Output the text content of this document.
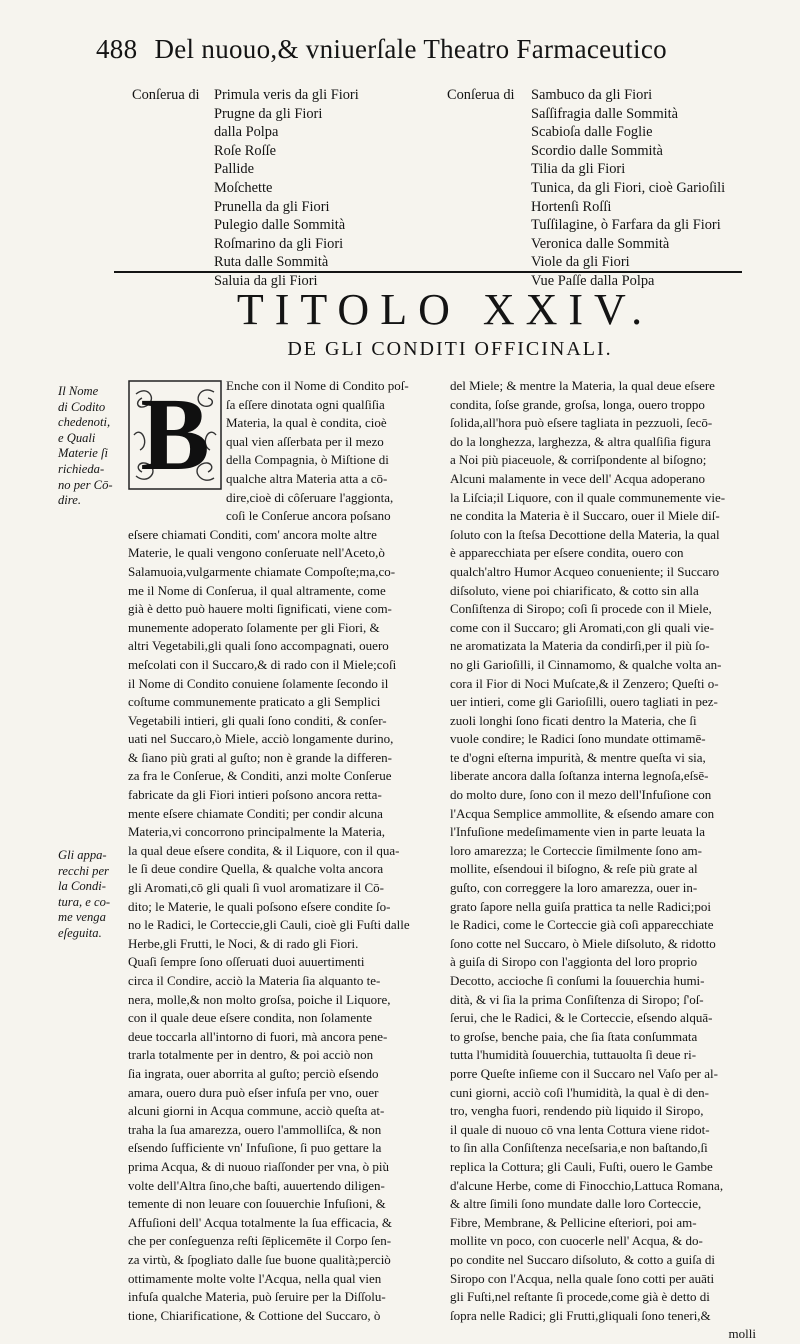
488 Del nuouo,& vniuerſale Theatro Farmaceutico
Conſerua di Primula veris da gli Fiori
Prugne da gli Fiori
dalla Polpa
Roſe Roſſe
Pallide
Moſchette
Prunella da gli Fiori
Pulegio dalle Sommità
Roſmarino da gli Fiori
Ruta dalle Sommità
Saluia da gli Fiori
Conſerua di Sambuco da gli Fiori
Saſſifragia dalle Sommità
Scabioſa dalle Foglie
Scordio dalle Sommità
Tilia da gli Fiori
Tunica, da gli Fiori, cioè Garioſili
Hortenſi Roſſi
Tuſſilagine, ò Farfara da gli Fiori
Veronica dalle Sommità
Viole da gli Fiori
Vue Paſſe dalla Polpa
TITOLO XXIV.
DE GLI CONDITI OFFICINALI.
Il Nome
di Codito
chedenoti,
e Quali
Materie ſi
richieda-
no per Cō-
dire.
Gli appa-
recchi per
la Condi-
tura, e co-
me venga
eſeguita.
B	Enche con il Nome di Condito poſ-
ſa eſſere dinotata ogni qualſiſia
Materia, la qual è condita, cioè
qual vien aſſerbata per il mezo
della Compagnia, ò Miſtione di
qualche altra Materia atta a cō-
dire,cioè di côſeruare l'aggionta,
coſi le Conſerue ancora poſsano
eſsere chiamati Conditi, com' ancora molte altre
Materie, le quali vengono conſeruate nell'Aceto,ò
Salamuoia,vulgarmente chiamate Compoſte;ma,co-
me il Nome di Conſerua, il qual altramente, come
già è detto può hauere molti ſignificati, viene com-
munemente adoperato ſolamente per gli Fiori, &
altri Vegetabili,gli quali ſono accompagnati, ouero
meſcolati con il Succaro,& di rado con il Miele;coſi
il Nome di Condito conuiene ſolamente ſecondo il
coſtume communemente praticato a gli Semplici
Vegetabili intieri, gli quali ſono conditi, & conſer-
uati nel Succaro,ò Miele, acciò longamente durino,
& ſiano più grati al guſto; non è grande la differen-
za fra le Conſerue, & Conditi, anzi molte Conſerue
fabricate da gli Fiori intieri poſsono ancora retta-
mente eſsere chiamate Conditi; per condir alcuna
Materia,vi concorrono principalmente la Materia,
la qual deue eſsere condita, & il Liquore, con il qua-
le ſi deue condire Quella, & qualche volta ancora
gli Aromati,cō gli quali ſi vuol aromatizare il Cō-
dito; le Materie, le quali poſsono eſsere condite ſo-
no le Radici, le Corteccie,gli Cauli, cioè gli Fuſti dalle
Herbe,gli Frutti, le Noci, & di rado gli Fiori.
Quaſi ſempre ſono oſſeruati duoi auuertimenti
circa il Condire, acciò la Materia ſia alquanto te-
nera, molle,& non molto groſsa, poiche il Liquore,
con il quale deue eſsere condita, non ſolamente
deue toccarla all'intorno di fuori, mà ancora pene-
trarla totalmente per in dentro, & poi acciò non
ſia ingrata, ouer aborrita al guſto; perciò eſsendo
amara, ouero dura può eſser infuſa per vno, ouer
alcuni giorni in Acqua commune, acciò queſta at-
traha la ſua amarezza, ouero l'ammolliſca, & non
eſsendo ſufficiente vn' Infuſione, ſi puo gettare la
prima Acqua, & di nuouo riaſſonder per vna, ò più
volte dell'Altra ſino,che baſti, auuertendo diligen-
temente di non leuare con ſouuerchie Infuſioni, &
Affuſioni dell' Acqua totalmente la ſua efficacia, &
che per conſeguenza reſti ſēplicemēte il Corpo ſen-
za virtù, & ſpogliato dalle ſue buone qualità;perciò
ottimamente molte volte l'Acqua, nella qual vien
infuſa qualche Materia, può ſeruire per la Diſſolu-
tione, Chiarificatione, & Cottione del Succaro, ò
del Miele; & mentre la Materia, la qual deue eſsere
condita, ſoſse grande, groſsa, longa, ouero troppo
ſolida,all'hora può eſsere tagliata in pezzuoli, ſecō-
do la longhezza, larghezza, & altra qualſiſia figura
a Noi più piaceuole, & corriſpondente al biſogno;
Alcuni malamente in vece dell' Acqua adoperano
la Liſcia;il Liquore, con il quale communemente vie-
ne condita la Materia è il Succaro, ouer il Miele diſ-
ſoluto con la ſteſsa Decottione della Materia, la qual
è apparecchiata per eſsere condita, ouero con
qualch'altro Humor Acqueo conueniente; il Succaro
diſsoluto, viene poi chiarificato, & cotto sin alla
Conſiſtenza di Siropo; coſi ſi procede con il Miele,
come con il Succaro; gli Aromati,con gli quali vie-
ne aromatizata la Materia da condirſi,per il più ſo-
no gli Garioſilli, il Cinnamomo, & qualche volta an-
cora il Fior di Noci Muſcate,& il Zenzero; Queſti o-
uer intieri, come gli Garioſilli, ouero tagliati in pez-
zuoli longhi ſono ficati dentro la Materia, che ſi
vuole condire; le Radici ſono mundate ottimamē-
te d'ogni eſterna impurità, & mentre queſta vi sia,
liberate ancora dalla ſoſtanza interna legnoſa,eſsē-
do molto dure, ſono con il mezo dell'Infuſione con
l'Acqua Semplice ammollite, & eſsendo amare con
l'Infuſione medeſimamente vien in parte leuata la
loro amarezza; le Corteccie ſimilmente ſono am-
mollite, eſsendoui il biſogno, & reſe più grate al
guſto, con correggere la loro amarezza, ouer in-
grato ſapore nella guiſa prattica ta nelle Radici;poi
le Radici, come le Corteccie già coſi apparecchiate
ſono cotte nel Succaro, ò Miele diſsoluto, & ridotto
à guiſa di Siropo con l'aggionta del loro proprio
Decotto, accioche ſi conſumi la ſouuerchia humi-
dità, & vi ſia la prima Conſiſtenza di Siropo; ſ'oſ-
ſerui, che le Radici, & le Corteccie, eſsendo alquā-
to groſse, benche paia, che ſia ſtata conſummata
tutta l'humidità ſouuerchia, tuttauolta ſi deue ri-
porre Queſte inſieme con il Succaro nel Vaſo per al-
cuni giorni, acciò coſi l'humidità, la qual è di den-
tro, vengha fuori, rendendo più liquido il Siropo,
il quale di nuouo cō vna lenta Cottura viene ridot-
to ſin alla Conſiſtenza neceſsaria,e non baſtando,ſi
replica la Cottura; gli Cauli, Fuſti, ouero le Gambe
d'alcune Herbe, come di Finocchio,Lattuca Romana,
& altre ſimili ſono mundate dalle loro Corteccie,
Fibre, Membrane, & Pellicine eſteriori, poi am-
mollite vn poco, con cuocerle nell' Acqua, & do-
po condite nel Succaro diſsoluto, & cotto a guiſa di
Siropo con l'Acqua, nella quale ſono cotti per auāti
gli Fuſti,nel reſtante ſi procede,come già è detto di
ſopra nelle Radici; gli Frutti,gliquali ſono teneri,&
molli
